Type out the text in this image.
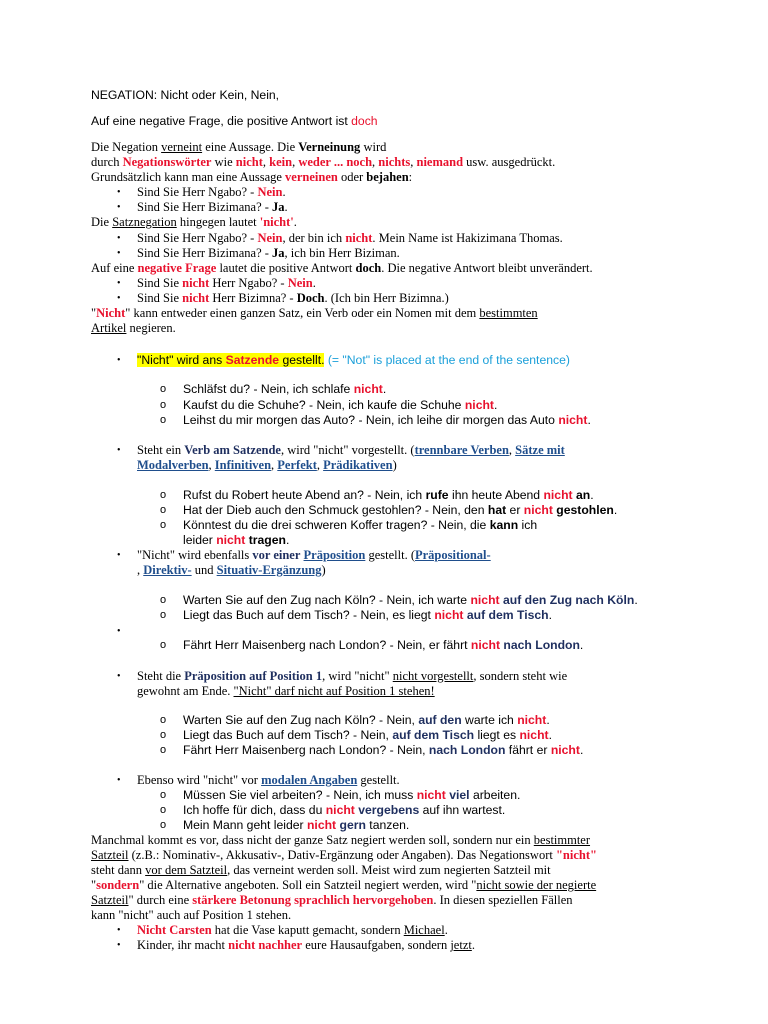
NEGATION: Nicht oder Kein, Nein,
Auf eine negative Frage, die positive Antwort ist doch
Die Negation verneint eine Aussage. Die Verneinung wird
durch Negationswörter wie nicht, kein, weder ... noch, nichts, niemand usw. ausgedrückt.
Grundsätzlich kann man eine Aussage verneinen oder bejahen:
• Sind Sie Herr Ngabo? - Nein.
• Sind Sie Herr Bizimana? - Ja.
Die Satznegation hingegen lautet 'nicht'.
• Sind Sie Herr Ngabo? - Nein, der bin ich nicht. Mein Name ist Hakizimana Thomas.
• Sind Sie Herr Bizimana? - Ja, ich bin Herr Biziman.
Auf eine negative Frage lautet die positive Antwort doch. Die negative Antwort bleibt unverändert.
• Sind Sie nicht Herr Ngabo? - Nein.
• Sind Sie nicht Herr Bizimna? - Doch. (Ich bin Herr Bizimna.)
"Nicht" kann entweder einen ganzen Satz, ein Verb oder ein Nomen mit dem bestimmten
Artikel negieren.
• "Nicht" wird ans Satzende gestellt. (= "Not" is placed at the end of the sentence)
o Schläfst du? - Nein, ich schlafe nicht.
o Kaufst du die Schuhe? - Nein, ich kaufe die Schuhe nicht.
o Leihst du mir morgen das Auto? - Nein, ich leihe dir morgen das Auto nicht.
• Steht ein Verb am Satzende, wird "nicht" vorgestellt. (trennbare Verben, Sätze mit
Modalverben, Infinitiven, Perfekt, Prädikativen)
o Rufst du Robert heute Abend an? - Nein, ich rufe ihn heute Abend nicht an.
o Hat der Dieb auch den Schmuck gestohlen? - Nein, den hat er nicht gestohlen.
o Könntest du die drei schweren Koffer tragen? - Nein, die kann ich
leider nicht tragen.
• "Nicht" wird ebenfalls vor einer Präposition gestellt. (Präpositional-
, Direktiv- und Situativ-Ergänzung)
o Warten Sie auf den Zug nach Köln? - Nein, ich warte nicht auf den Zug nach Köln.
o Liegt das Buch auf dem Tisch? - Nein, es liegt nicht auf dem Tisch.
•
o Fährt Herr Maisenberg nach London? - Nein, er fährt nicht nach London.
• Steht die Präposition auf Position 1, wird "nicht" nicht vorgestellt, sondern steht wie
gewohnt am Ende. "Nicht" darf nicht auf Position 1 stehen!
o Warten Sie auf den Zug nach Köln? - Nein, auf den warte ich nicht.
o Liegt das Buch auf dem Tisch? - Nein, auf dem Tisch liegt es nicht.
o Fährt Herr Maisenberg nach London? - Nein, nach London fährt er nicht.
• Ebenso wird "nicht" vor modalen Angaben gestellt.
o Müssen Sie viel arbeiten? - Nein, ich muss nicht viel arbeiten.
o Ich hoffe für dich, dass du nicht vergebens auf ihn wartest.
o Mein Mann geht leider nicht gern tanzen.
Manchmal kommt es vor, dass nicht der ganze Satz negiert werden soll, sondern nur ein bestimmter
Satzteil (z.B.: Nominativ-, Akkusativ-, Dativ-Ergänzung oder Angaben). Das Negationswort "nicht"
steht dann vor dem Satzteil, das verneint werden soll. Meist wird zum negierten Satzteil mit
"sondern" die Alternative angeboten. Soll ein Satzteil negiert werden, wird "nicht sowie der negierte
Satzteil" durch eine stärkere Betonung sprachlich hervorgehoben. In diesen speziellen Fällen
kann "nicht" auch auf Position 1 stehen.
• Nicht Carsten hat die Vase kaputt gemacht, sondern Michael.
• Kinder, ihr macht nicht nachher eure Hausaufgaben, sondern jetzt.
